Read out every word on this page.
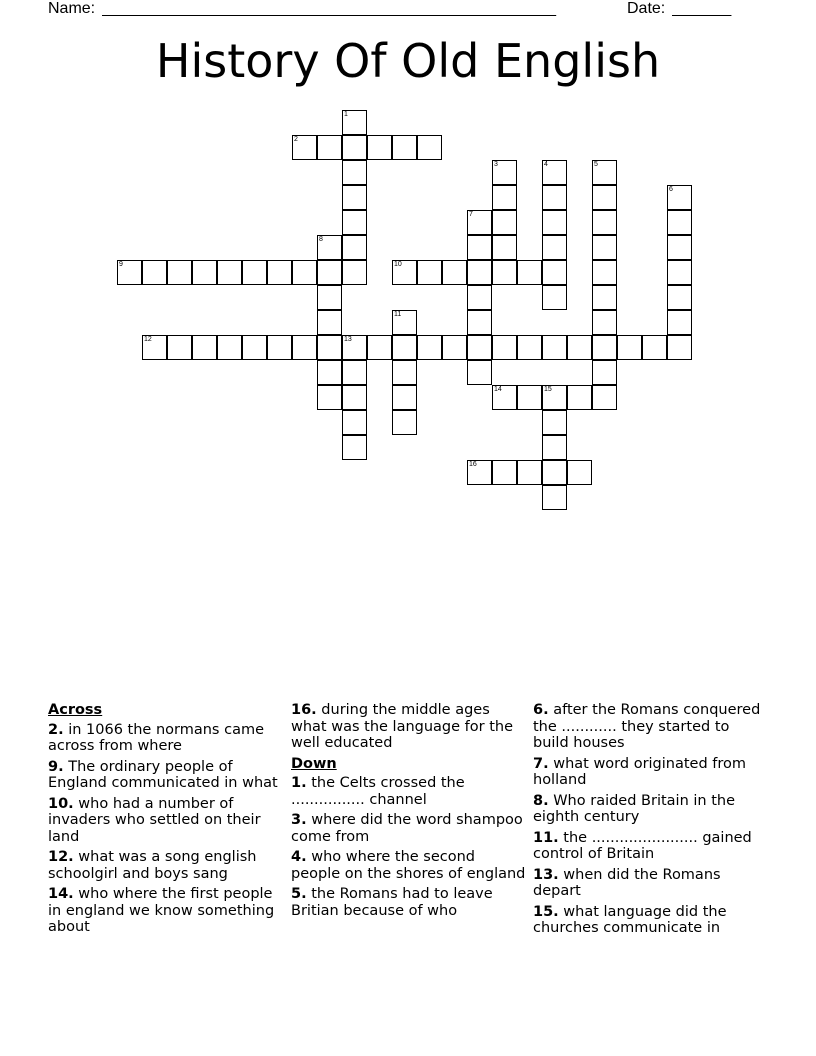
Name: ______________________________________________________	Date: _______
History Of Old English
1
2
3	4	5
6
7
8
9	10
11
12	13
14	15
16
Across
2. in 1066 the normans came across from where
9. The ordinary people of England communicated in what
10. who had a number of invaders who settled on their land
12. what was a song english schoolgirl and boys sang
14. who where the first people in england we know something about
16. during the middle ages what was the language for the well educated
Down
1. the Celts crossed the ................ channel
3. where did the word shampoo come from
4. who where the second people on the shores of england
5. the Romans had to leave Britian because of who
6. after the Romans conquered the ............ they started to build houses
7. what word originated from holland
8. Who raided Britain in the eighth century
11. the ....................... gained control of Britain
13. when did the Romans depart
15. what language did the churches communicate in
